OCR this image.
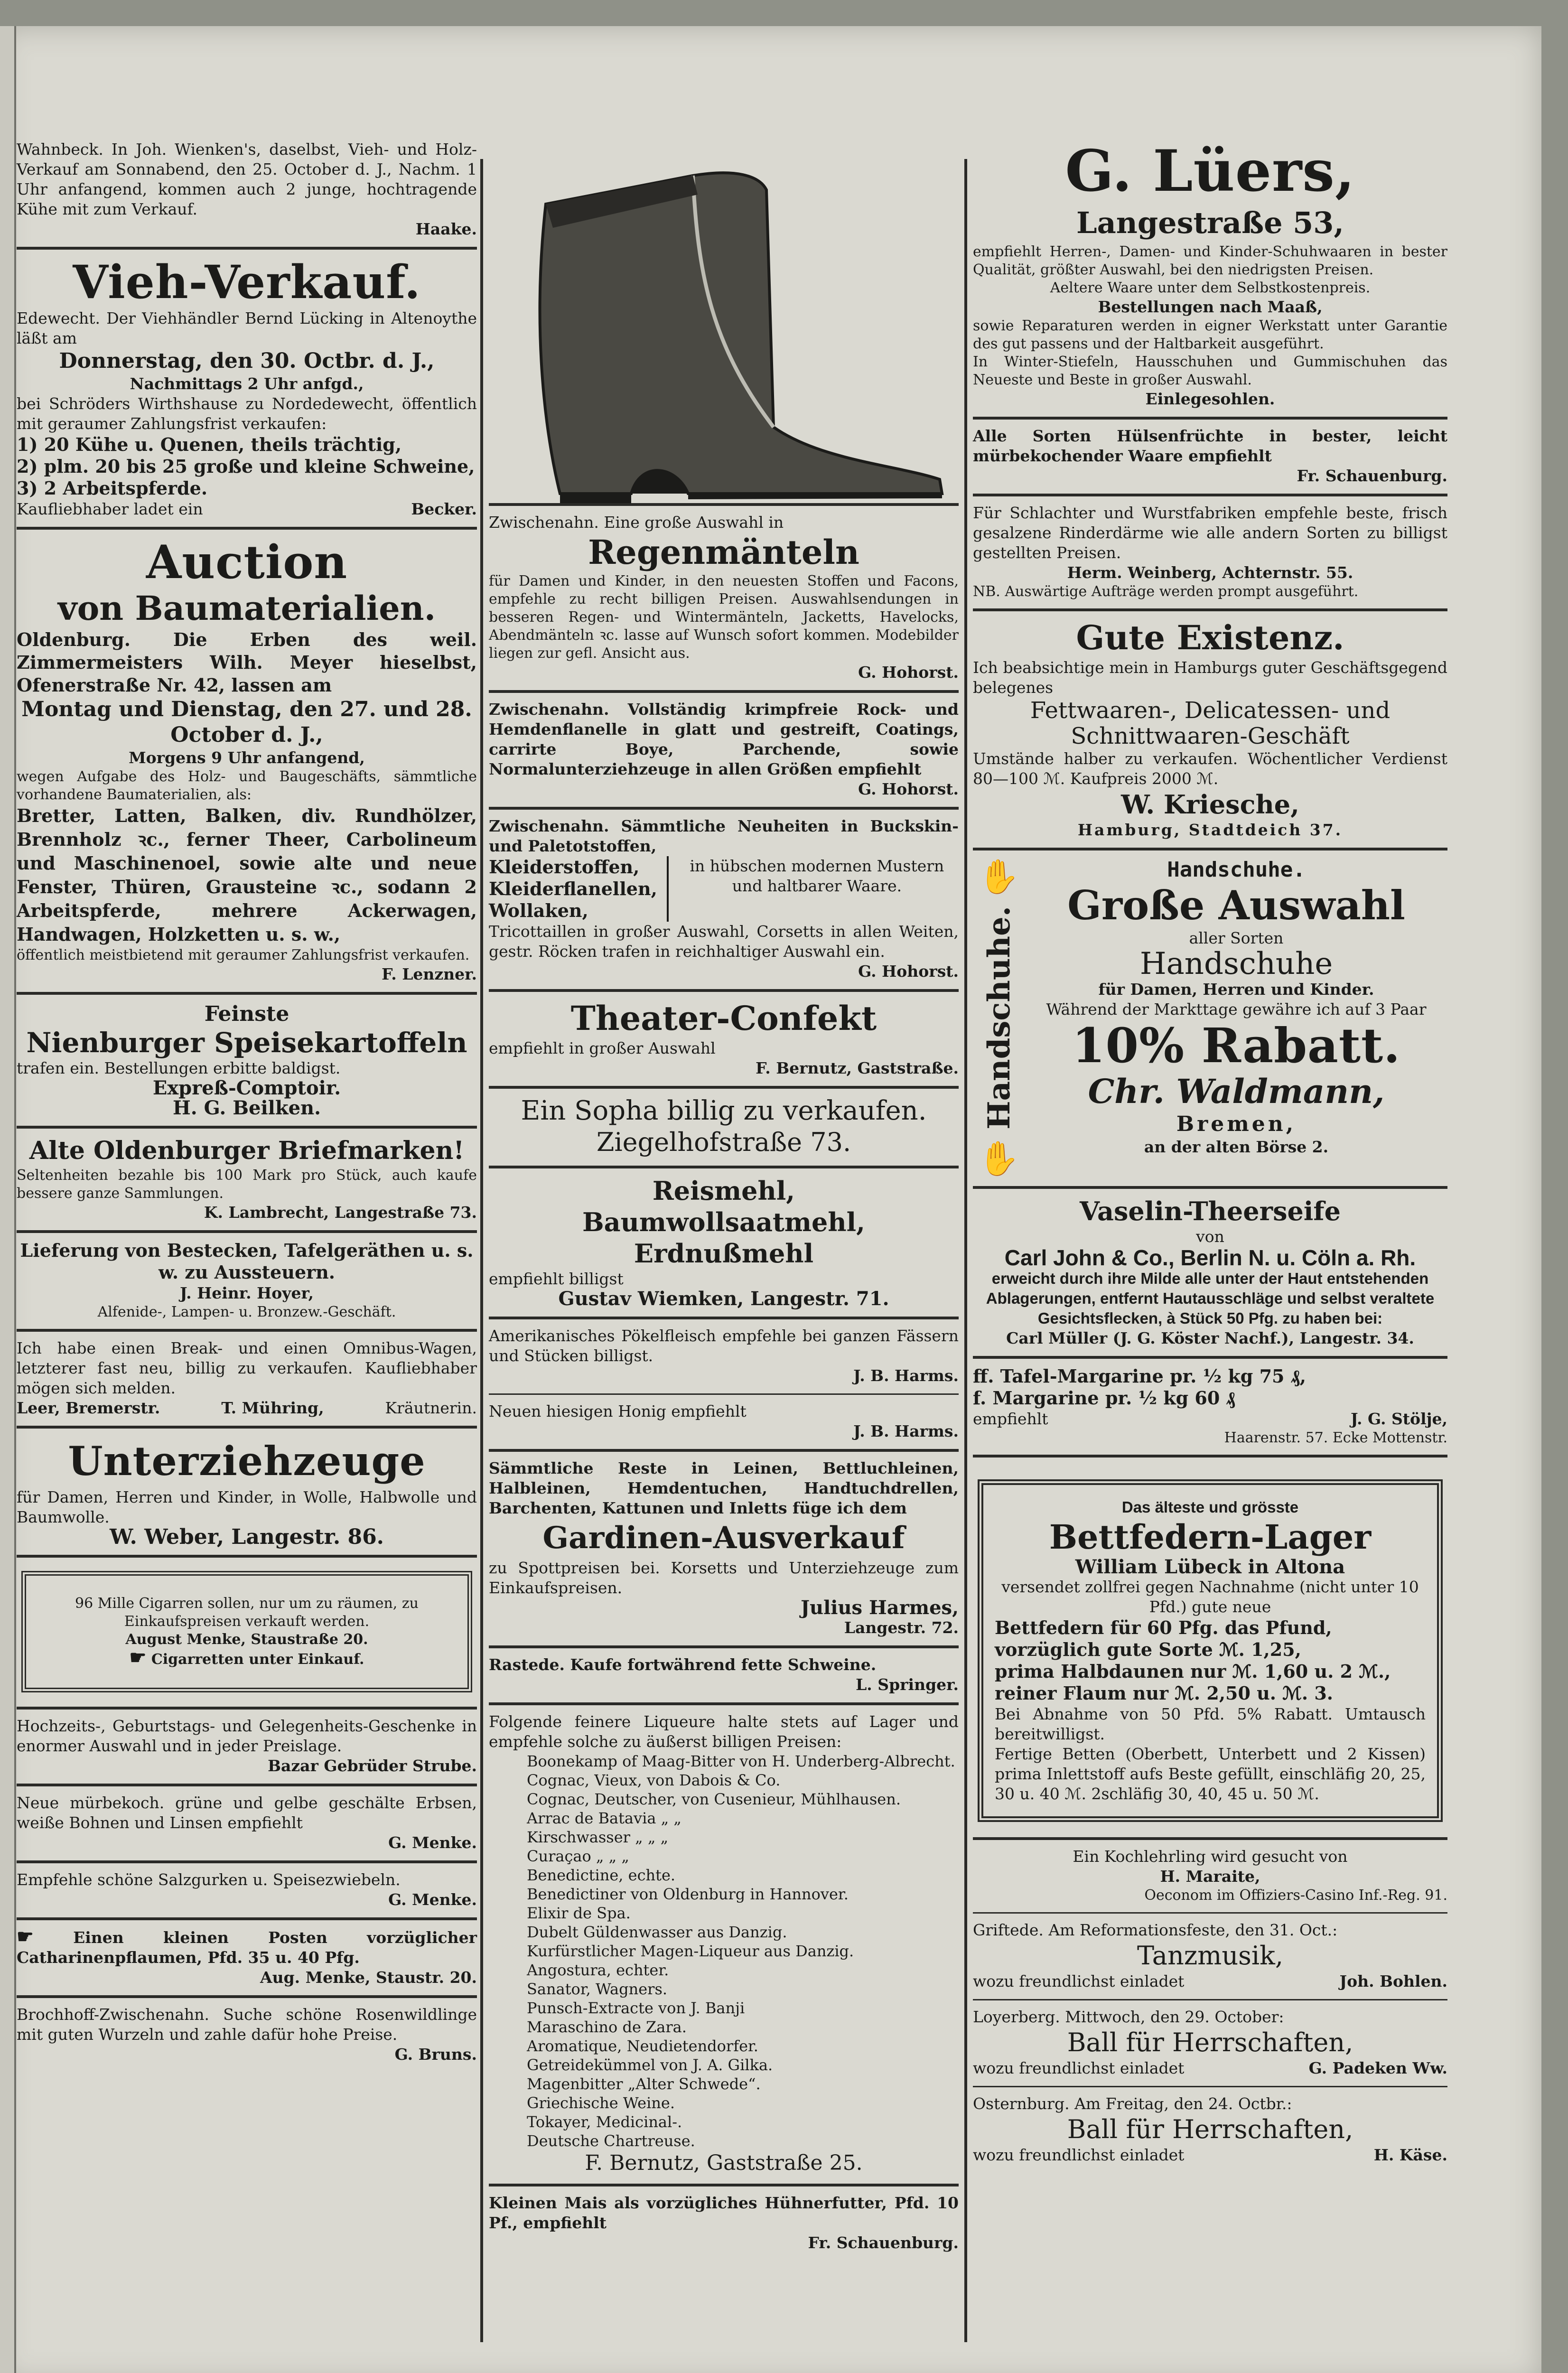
Wahnbeck. In Joh. Wienken's, daselbst, Vieh- und Holz-Verkauf am Sonnabend, den 25. October d. J., Nachm. 1 Uhr anfangend, kommen auch 2 junge, hochtragende Kühe mit zum Verkauf.

Haake.
Vieh-Verkauf.

Edewecht. Der Viehhändler Bernd Lücking in Altenoythe läßt am

Donnerstag, den 30. Octbr. d. J.,
Nachmittags 2 Uhr anfgd.,

bei Schröders Wirthshause zu Nordedewecht, öffentlich mit geraumer Zahlungsfrist verkaufen:

1) 20 Kühe u. Quenen, theils trächtig,
2) plm. 20 bis 25 große und kleine Schweine,
3) 2 Arbeitspferde.
Kaufliebhaber ladet ein	Becker.
Auction
von Baumaterialien.

Oldenburg. Die Erben des weil. Zimmermeisters Wilh. Meyer hieselbst, Ofenerstraße Nr. 42, lassen am

Montag und Dienstag, den 27. und 28. October d. J.,
Morgens 9 Uhr anfangend,

wegen Aufgabe des Holz- und Baugeschäfts, sämmtliche vorhandene Baumaterialien, als:

Bretter, Latten, Balken, div. Rundhölzer, Brennholz ꝛc., ferner Theer, Carbolineum und Maschinenoel, sowie alte und neue Fenster, Thüren, Grausteine ꝛc., sodann 2 Arbeitspferde, mehrere Ackerwagen, Handwagen, Holzketten u. s. w.,

öffentlich meistbietend mit geraumer Zahlungsfrist verkaufen.

F. Lenzner.
Feinste
Nienburger Speisekartoffeln

trafen ein. Bestellungen erbitte baldigst.

Expreß-Comptoir.
H. G. Beilken.
Alte Oldenburger Briefmarken!

Seltenheiten bezahle bis 100 Mark pro Stück, auch kaufe bessere ganze Sammlungen.

K. Lambrecht, Langestraße 73.
Lieferung von Bestecken, Tafelgeräthen u. s. w. zu Aussteuern.
J. Heinr. Hoyer,
Alfenide-, Lampen- u. Bronzew.-Geschäft.

Ich habe einen Break- und einen Omnibus-Wagen, letzterer fast neu, billig zu verkaufen. Kaufliebhaber mögen sich melden.

Leer, Bremerstr.	T. Mühring,	Kräutnerin.
Unterziehzeuge

für Damen, Herren und Kinder, in Wolle, Halbwolle und Baumwolle.

W. Weber, Langestr. 86.

96 Mille Cigarren sollen, nur um zu räumen, zu Einkaufspreisen verkauft werden.

August Menke, Staustraße 20.
☛ Cigarretten unter Einkauf.

Hochzeits-, Geburtstags- und Gelegenheits-Geschenke in enormer Auswahl und in jeder Preislage.

Bazar Gebrüder Strube.

Neue mürbekoch. grüne und gelbe geschälte Erbsen, weiße Bohnen und Linsen empfiehlt

G. Menke.

Empfehle schöne Salzgurken u. Speisezwiebeln.

G. Menke.

☛	Einen kleinen Posten vorzüglicher Catharinenpflaumen, Pfd. 35 u. 40 Pfg.

Aug. Menke, Staustr. 20.

Brochhoff-Zwischenahn. Suche schöne Rosenwildlinge mit guten Wurzeln und zahle dafür hohe Preise.

G. Bruns.

Zwischenahn. Eine große Auswahl in

Regenmänteln

für Damen und Kinder, in den neuesten Stoffen und Facons, empfehle zu recht billigen Preisen. Auswahlsendungen in besseren Regen- und Wintermänteln, Jacketts, Havelocks, Abendmänteln ꝛc. lasse auf Wunsch sofort kommen. Modebilder liegen zur gefl. Ansicht aus.

G. Hohorst.

Zwischenahn. Vollständig krimpfreie Rock- und Hemdenflanelle in glatt und gestreift, Coatings, carrirte Boye, Parchende, sowie Normalunterziehzeuge in allen Größen empfiehlt

G. Hohorst.

Zwischenahn. Sämmtliche Neuheiten in Buckskin- und Paletotstoffen,

Kleiderstoffen,
Kleiderflanellen,
Wollaken,

in hübschen modernen Mustern und haltbarer Waare.

Tricottaillen in großer Auswahl, Corsetts in allen Weiten, gestr. Röcken trafen in reichhaltiger Auswahl ein.

G. Hohorst.
Theater-Confekt

empfiehlt in großer Auswahl

F. Bernutz, Gaststraße.
Ein Sopha billig zu verkaufen.
Ziegelhofstraße 73.
Reismehl,
Baumwollsaatmehl,
Erdnußmehl

empfiehlt billigst

Gustav Wiemken, Langestr. 71.

Amerikanisches Pökelfleisch empfehle bei ganzen Fässern und Stücken billigst.

J. B. Harms.

Neuen hiesigen Honig empfiehlt

J. B. Harms.

Sämmtliche Reste in Leinen, Bettluchleinen, Halbleinen, Hemdentuchen, Handtuchdrellen, Barchenten, Kattunen und Inletts füge ich dem

Gardinen-Ausverkauf

zu Spottpreisen bei. Korsetts und Unterziehzeuge zum Einkaufspreisen.

Julius Harmes,
Langestr. 72.

Rastede. Kaufe fortwährend fette Schweine.

L. Springer.

Folgende feinere Liqueure halte stets auf Lager und empfehle solche zu äußerst billigen Preisen:

Boonekamp of Maag-Bitter von H. Underberg-Albrecht.
Cognac, Vieux, von Dabois & Co.
Cognac, Deutscher, von Cusenieur, Mühlhausen.
Arrac de Batavia „ „
Kirschwasser „ „ „
Curaçao „ „ „
Benedictine, echte.
Benedictiner von Oldenburg in Hannover.
Elixir de Spa.
Dubelt Güldenwasser aus Danzig.
Kurfürstlicher Magen-Liqueur aus Danzig.
Angostura, echter.
Sanator, Wagners.
Punsch-Extracte von J. Banji
Maraschino de Zara.
Aromatique, Neudietendorfer.
Getreidekümmel von J. A. Gilka.
Magenbitter „Alter Schwede“.
Griechische Weine.
Tokayer, Medicinal-.
Deutsche Chartreuse.
F. Bernutz, Gaststraße 25.

Kleinen Mais als vorzügliches Hühnerfutter, Pfd. 10 Pf., empfiehlt

Fr. Schauenburg.
G. Lüers,
Langestraße 53,

empfiehlt Herren-, Damen- und Kinder-Schuhwaaren in bester Qualität, größter Auswahl, bei den niedrigsten Preisen.

Aeltere Waare unter dem Selbstkostenpreis.

Bestellungen nach Maaß,

sowie Reparaturen werden in eigner Werkstatt unter Garantie des gut passens und der Haltbarkeit ausgeführt.

In Winter-Stiefeln, Hausschuhen und Gummischuhen das Neueste und Beste in großer Auswahl.

Einlegesohlen.

Alle Sorten Hülsenfrüchte in bester, leicht mürbekochender Waare empfiehlt

Fr. Schauenburg.

Für Schlachter und Wurstfabriken empfehle beste, frisch gesalzene Rinderdärme wie alle andern Sorten zu billigst gestellten Preisen.

Herm. Weinberg, Achternstr. 55.

NB. Auswärtige Aufträge werden prompt ausgeführt.

Gute Existenz.

Ich beabsichtige mein in Hamburgs guter Geschäftsgegend belegenes

Fettwaaren-, Delicatessen- und Schnittwaaren-Geschäft

Umstände halber zu verkaufen. Wöchentlicher Verdienst 80—100 ℳ. Kaufpreis 2000 ℳ.

W. Kriesche,
Hamburg, Stadtdeich 37.
✋
Handschuhe.
✋
Handschuhe.
Große Auswahl
aller Sorten
Handschuhe
für Damen, Herren und Kinder.
Während der Markttage gewähre ich auf 3 Paar
10% Rabatt.
Chr. Waldmann,
Bremen,
an der alten Börse 2.
Vaselin-Theerseife
von
Carl John & Co., Berlin N. u. Cöln a. Rh.

erweicht durch ihre Milde alle unter der Haut entstehenden Ablagerungen, entfernt Hautausschläge und selbst veraltete Gesichtsflecken, à Stück 50 Pfg. zu haben bei:

Carl Müller (J. G. Köster Nachf.), Langestr. 34.
ff. Tafel-Margarine pr. ½ kg 75 ₰,
f. Margarine pr. ½ kg 60 ₰
empfiehlt	J. G. Stölje,
Haarenstr. 57. Ecke Mottenstr.
Das älteste und grösste
Bettfedern-Lager
William Lübeck in Altona

versendet zollfrei gegen Nachnahme (nicht unter 10 Pfd.) gute neue

Bettfedern für 60 Pfg. das Pfund,
vorzüglich gute Sorte ℳ. 1,25,
prima Halbdaunen nur ℳ. 1,60 u. 2 ℳ.,
reiner Flaum nur ℳ. 2,50 u. ℳ. 3.

Bei Abnahme von 50 Pfd. 5% Rabatt. Umtausch bereitwilligst.

Fertige Betten (Oberbett, Unterbett und 2 Kissen) prima Inlettstoff aufs Beste gefüllt, einschläfig 20, 25, 30 u. 40 ℳ. 2schläfig 30, 40, 45 u. 50 ℳ.

Ein Kochlehrling wird gesucht von

H. Maraite,
Oeconom im Offiziers-Casino Inf.-Reg. 91.

Griftede. Am Reformationsfeste, den 31. Oct.:

Tanzmusik,
wozu freundlichst einladet	Joh. Bohlen.

Loyerberg. Mittwoch, den 29. October:

Ball für Herrschaften,
wozu freundlichst einladet	G. Padeken Ww.

Osternburg. Am Freitag, den 24. Octbr.:

Ball für Herrschaften,
wozu freundlichst einladet	H. Käse.
